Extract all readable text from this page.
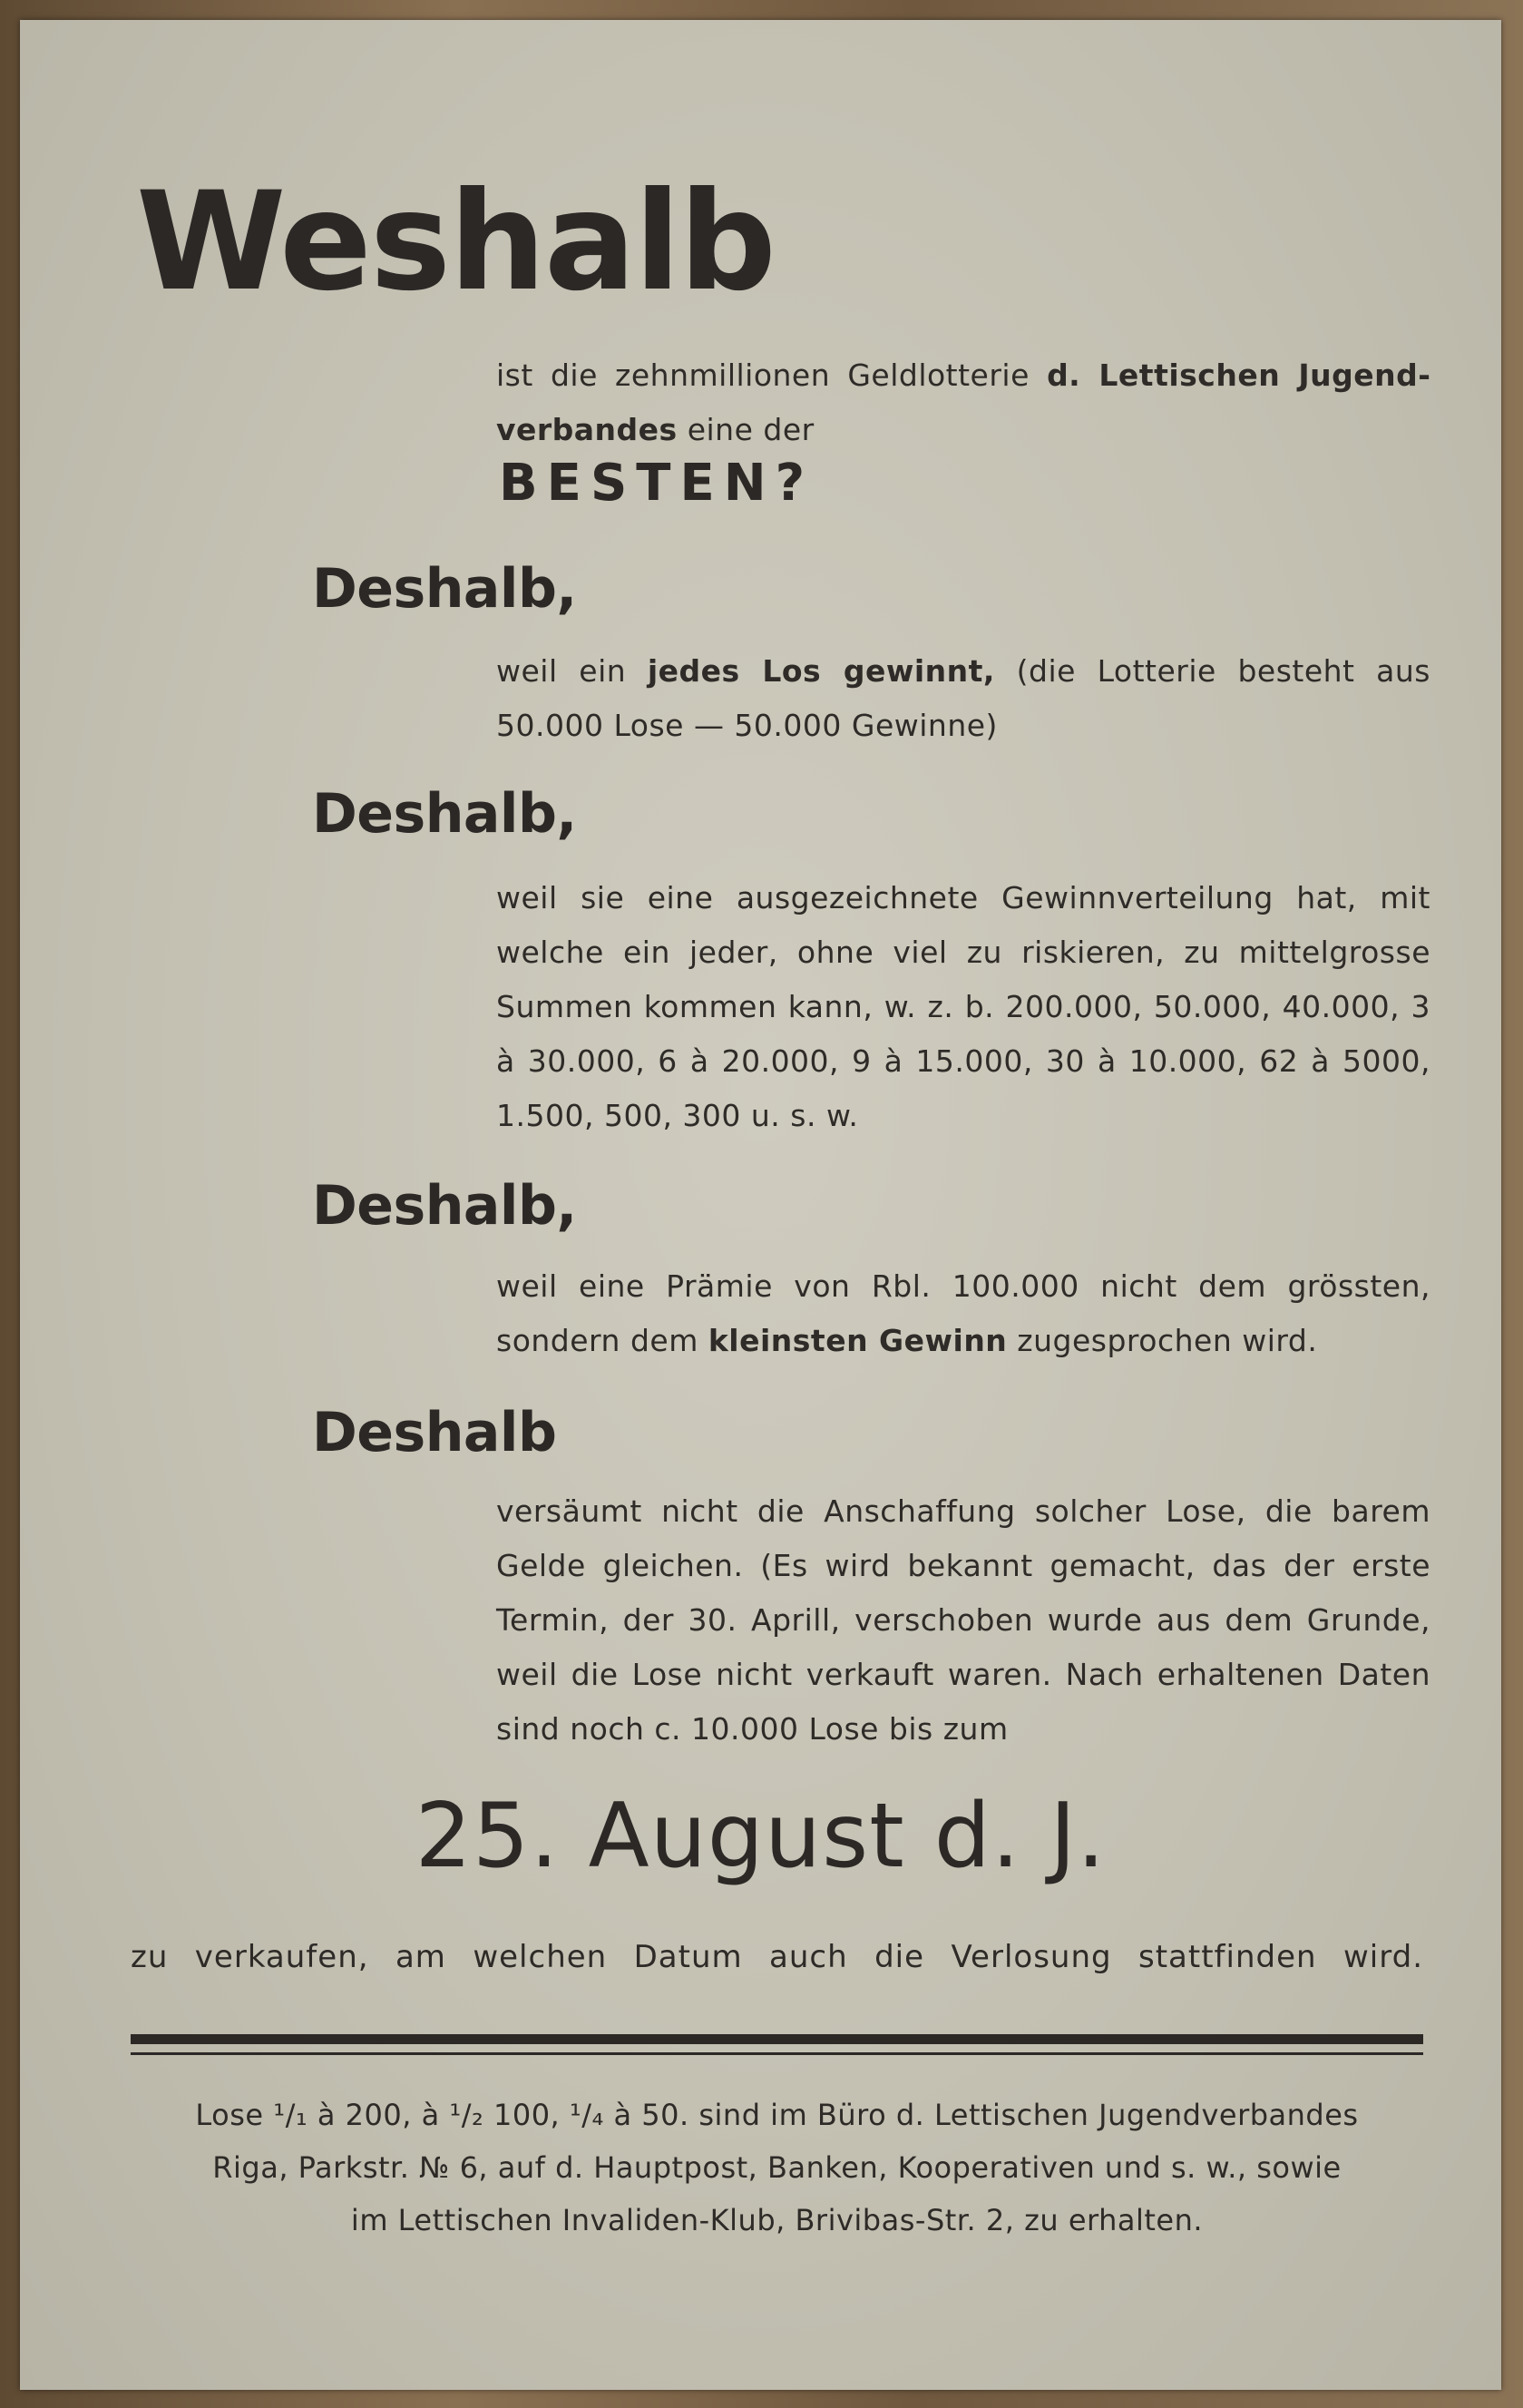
Weshalb
ist die zehnmillionen Geldlotterie d. Lettischen Jugendverbandes eine der
BESTEN?
Deshalb,
weil ein jedes Los gewinnt, (die Lotterie besteht aus 50.000 Lose — 50.000 Gewinne)
Deshalb,
weil sie eine ausgezeichnete Gewinnverteilung hat, mit welche ein jeder, ohne viel zu riskieren, zu mittelgrosse Summen kommen kann, w. z. b. 200.000, 50.000, 40.000, 3 à 30.000, 6 à 20.000, 9 à 15.000, 30 à 10.000, 62 à 5000, 1.500, 500, 300 u. s. w.
Deshalb,
weil eine Prämie von Rbl. 100.000 nicht dem grössten, sondern dem kleinsten Gewinn zugesprochen wird.
Deshalb
versäumt nicht die Anschaffung solcher Lose, die barem Gelde gleichen. (Es wird bekannt gemacht, das der erste Termin, der 30. Aprill, verschoben wurde aus dem Grunde, weil die Lose nicht verkauft waren. Nach erhaltenen Daten sind noch c. 10.000 Lose bis zum
25. August d. J.
zu verkaufen, am welchen Datum auch die Verlosung stattfinden wird.
Lose ¹/₁ à 200, à ¹/₂ 100, ¹/₄ à 50. sind im Büro d. Lettischen Jugendverbandes
Riga, Parkstr. № 6, auf d. Hauptpost, Banken, Kooperativen und s. w., sowie
im Lettischen Invaliden-Klub, Brivibas-Str. 2, zu erhalten.
